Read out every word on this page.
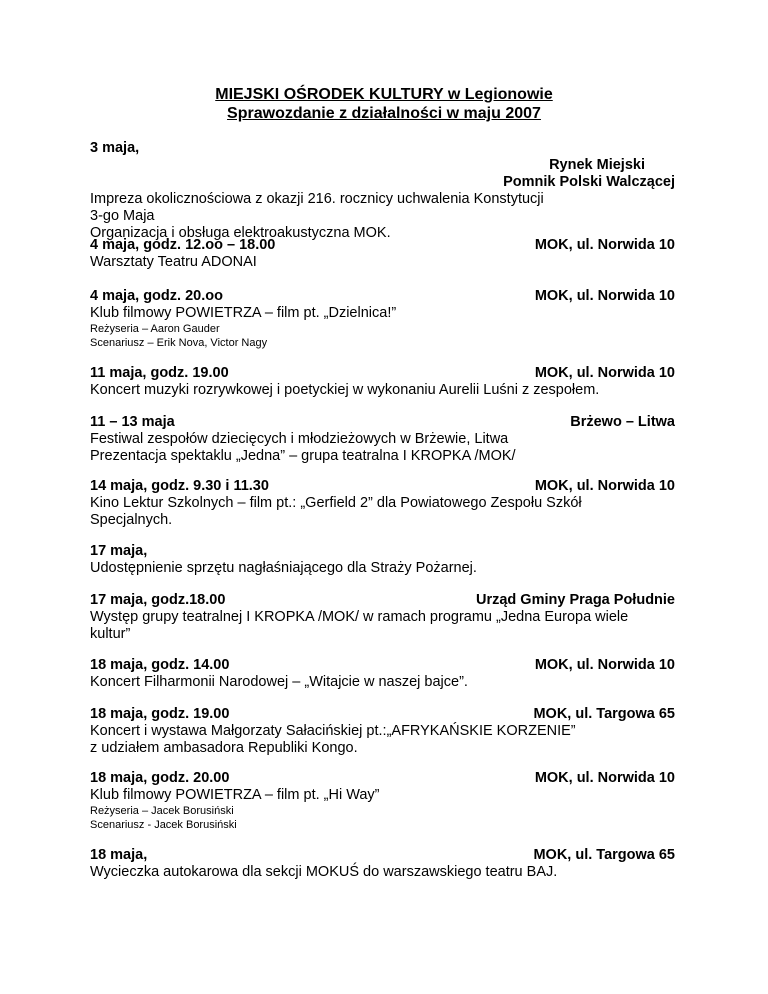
MIEJSKI OŚRODEK KULTURY w Legionowie
Sprawozdanie z działalności w maju 2007
3 maja,
Rynek Miejski
Pomnik Polski Walczącej
Impreza okolicznościowa z okazji 216. rocznicy uchwalenia Konstytucji
3-go Maja
Organizacja i obsługa elektroakustyczna MOK.
4 maja, godz. 12.oo – 18.00	MOK, ul. Norwida 10
Warsztaty Teatru ADONAI
4 maja, godz. 20.oo	MOK, ul. Norwida 10
Klub filmowy POWIETRZA – film pt. „Dzielnica!”
Reżyseria – Aaron Gauder
Scenariusz – Erik Nova, Victor Nagy
11 maja, godz. 19.00	MOK, ul. Norwida 10
Koncert muzyki rozrywkowej i poetyckiej w wykonaniu Aurelii Luśni z zespołem.
11 – 13 maja	Brżewo – Litwa
Festiwal zespołów dziecięcych i młodzieżowych w Brżewie, Litwa
Prezentacja spektaklu „Jedna” – grupa teatralna I KROPKA /MOK/
14 maja, godz. 9.30 i 11.30	MOK, ul. Norwida 10
Kino Lektur Szkolnych – film pt.: „Gerfield 2” dla Powiatowego Zespołu Szkół
Specjalnych.
17 maja,
Udostępnienie sprzętu nagłaśniającego dla Straży Pożarnej.
17 maja, godz.18.00	Urząd Gminy Praga Południe
Występ grupy teatralnej I KROPKA /MOK/ w ramach programu „Jedna Europa wiele
kultur”
18 maja, godz. 14.00	MOK, ul. Norwida 10
Koncert Filharmonii Narodowej – „Witajcie w naszej bajce”.
18 maja, godz. 19.00	MOK, ul. Targowa 65
Koncert i wystawa Małgorzaty Sałacińskiej pt.:„AFRYKAŃSKIE KORZENIE”
z udziałem ambasadora Republiki Kongo.
18 maja, godz. 20.00	MOK, ul. Norwida 10
Klub filmowy POWIETRZA – film pt. „Hi Way”
Reżyseria – Jacek Borusiński
Scenariusz - Jacek Borusiński
18 maja,	MOK, ul. Targowa 65
Wycieczka autokarowa dla sekcji MOKUŚ do warszawskiego teatru BAJ.
